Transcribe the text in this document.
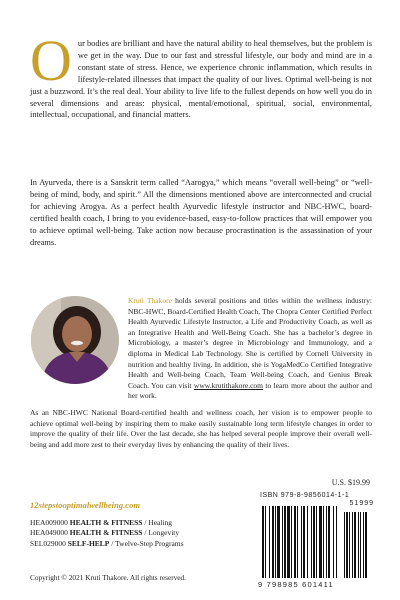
Our bodies are brilliant and have the natural ability to heal themselves, but the problem is we get in the way. Due to our fast and stressful lifestyle, our body and mind are in a constant state of stress. Hence, we experience chronic inflammation, which results in lifestyle-related illnesses that impact the quality of our lives. Optimal well-being is not just a buzzword. It’s the real deal. Your ability to live life to the fullest depends on how well you do in several dimensions and areas: physical, mental/emotional, spiritual, social, environmental, intellectual, occupational, and financial matters.

In Ayurveda, there is a Sanskrit term called “Aarogya,” which means “overall well-being” or “well-being of mind, body, and spirit.” All the dimensions mentioned above are interconnected and crucial for achieving Arogya. As a perfect health Ayurvedic lifestyle instructor and NBC-HWC, board-certified health coach, I bring to you evidence-based, easy-to-follow practices that will empower you to achieve optimal well-being. Take action now because procrastination is the assassination of your dreams.

Kruti Thakore holds several positions and titles within the wellness industry: NBC-HWC, Board-Certified Health Coach, The Chopra Center Certified Perfect Health Ayurvedic Lifestyle Instructor, a Life and Productivity Coach, as well as an Integrative Health and Well-Being Coach. She has a bachelor’s degree in Microbiology, a master’s degree in Microbiology and Immunology, and a diploma in Medical Lab Technology. She is certified by Cornell University in nutrition and healthy living. In addition, she is YogaMedCo Certified Integrative Health and Well-being Coach, Team Well-being Coach, and Genius Break Coach. You can visit www.krutithakore.com to learn more about the author and her work.

As an NBC-HWC National Board-certified health and wellness coach, her vision is to empower people to achieve optimal well-being by inspiring them to make easily sustainable long term lifestyle changes in order to improve the quality of their life. Over the last decade, she has helped several people improve their overall well-being and add more zest to their everyday lives by enhancing the quality of their lives.

U.S. $19.99
12stepstooptimalwellbeing.com
HEA009000 HEALTH & FITNESS / Healing
HEA049000 HEALTH & FITNESS / Longevity
SEL029000 SELF-HELP / Twelve-Step Programs
Copyright © 2021 Kruti Thakore. All rights reserved.
ISBN 979-8-9856014-1-1
51999
9 798985 601411
